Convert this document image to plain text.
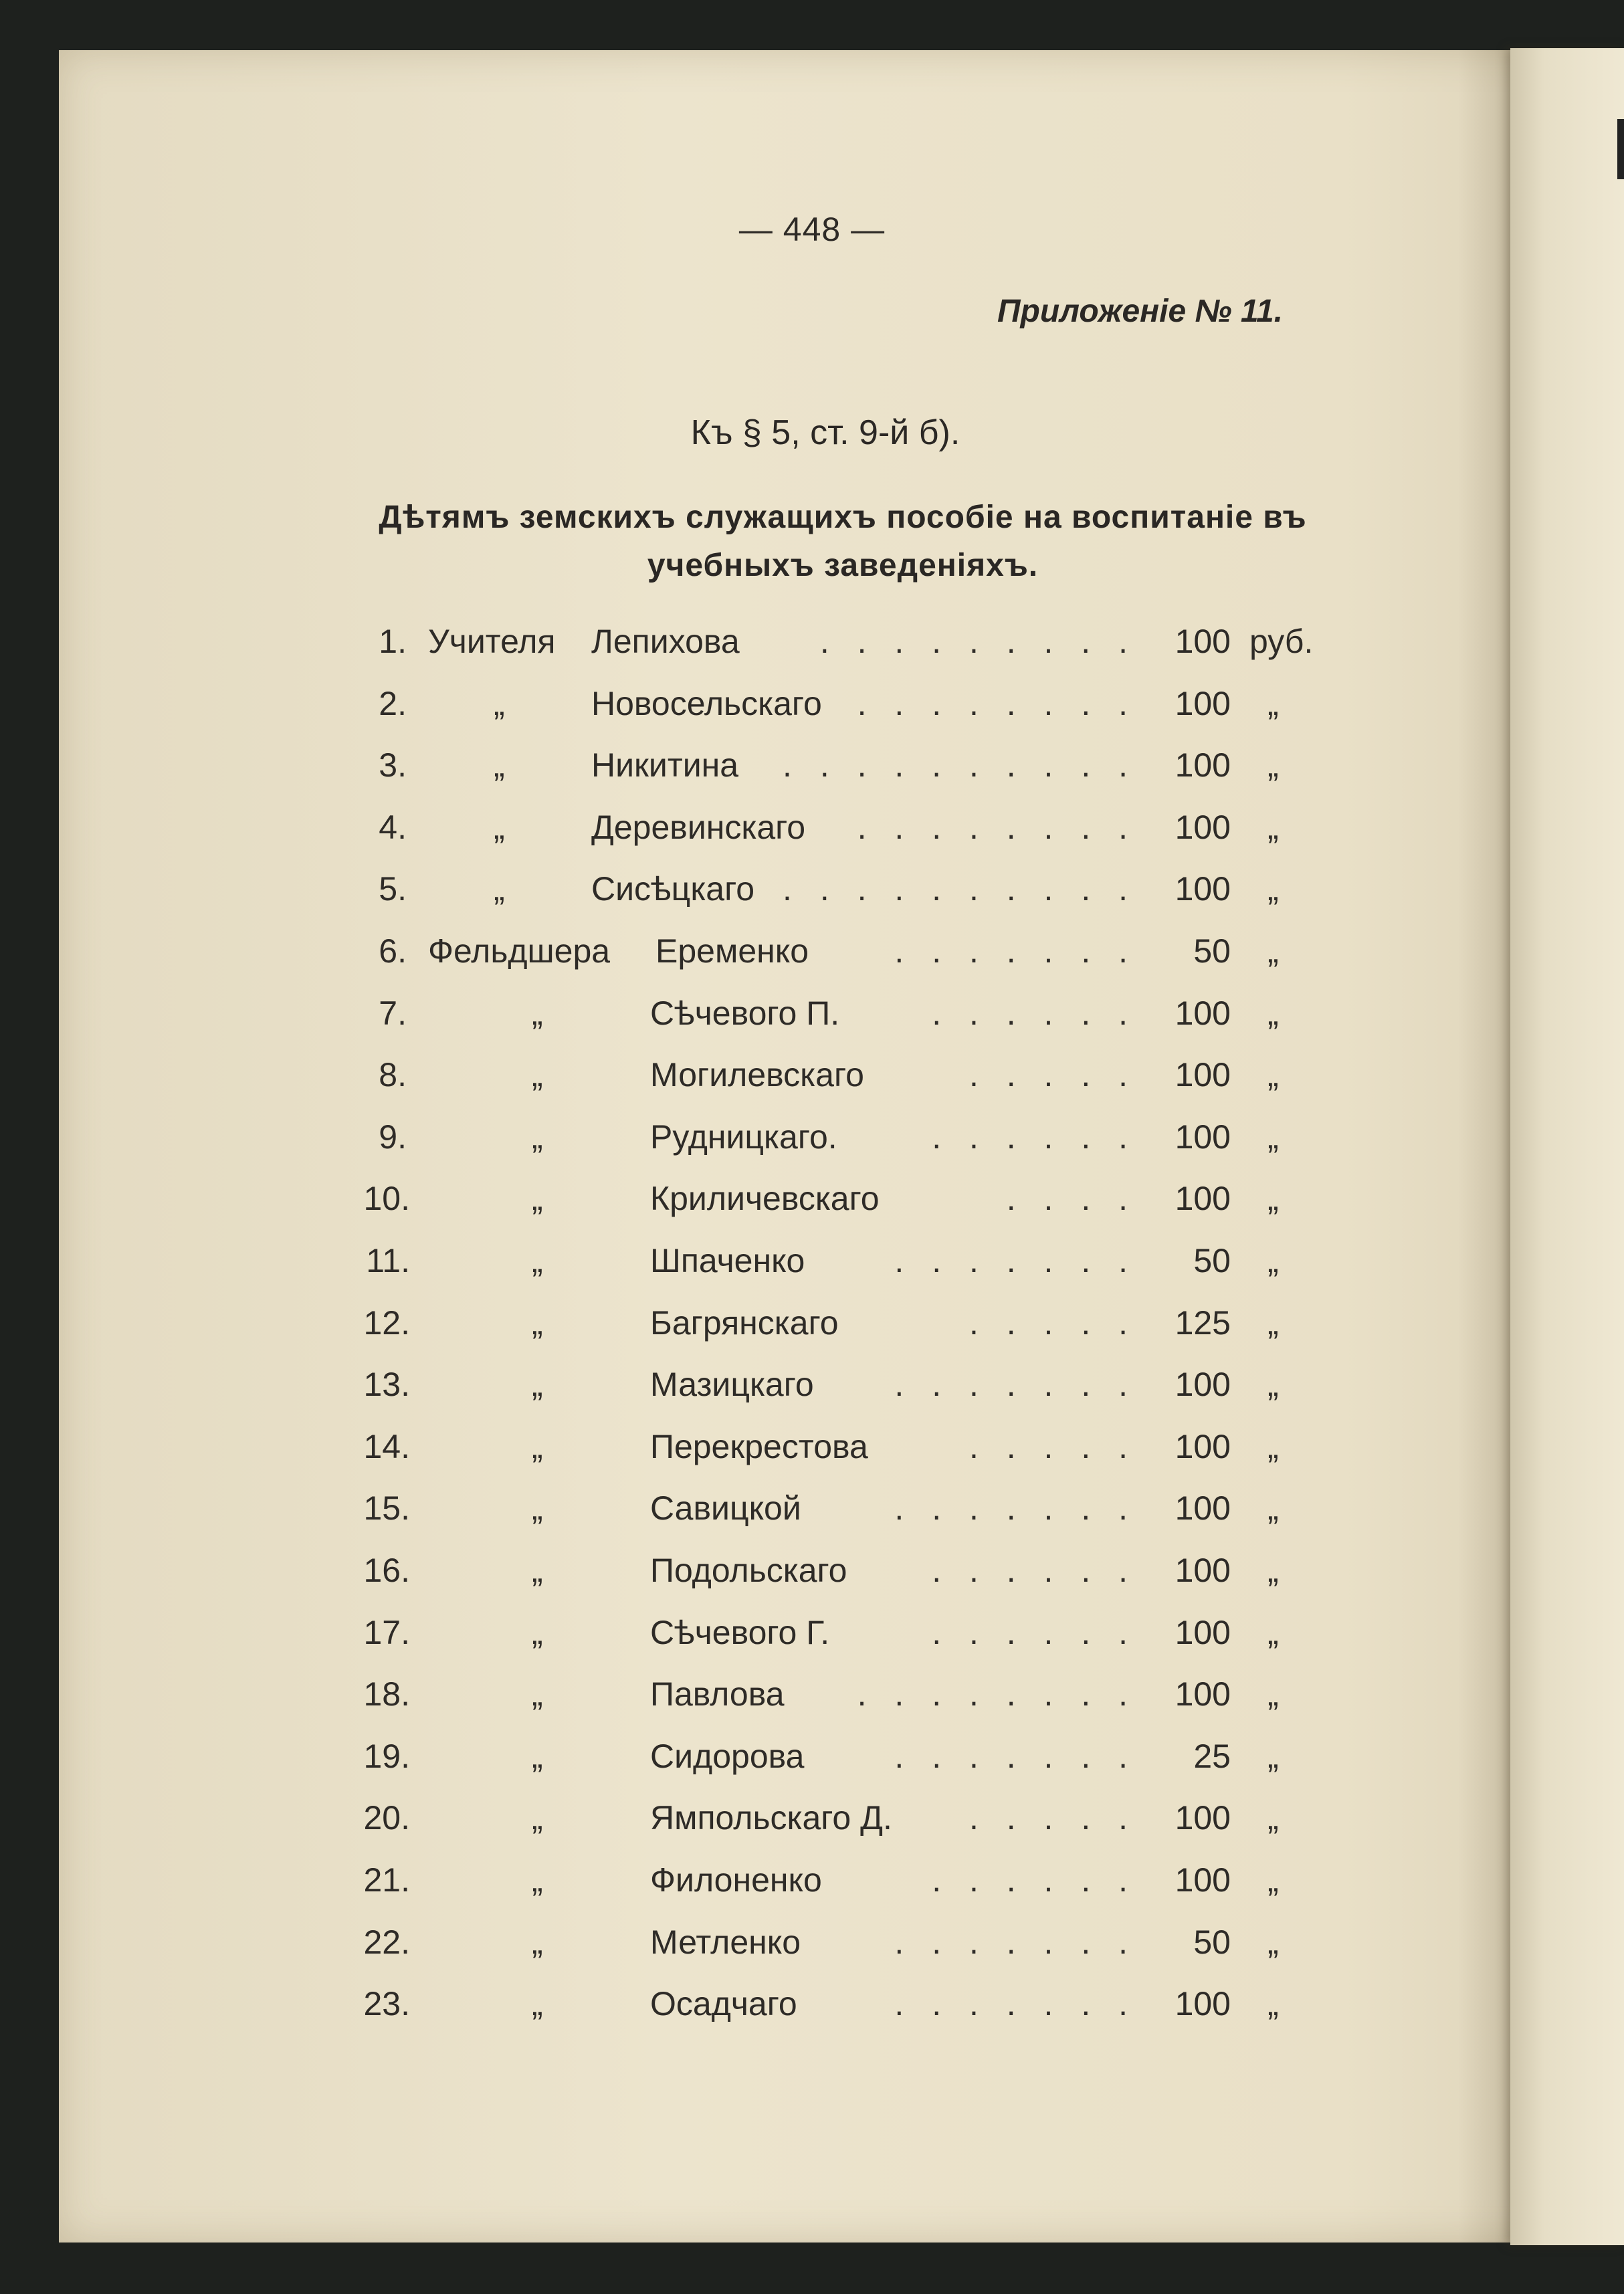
— 448 —
Приложеніе № 11.
Къ § 5, ст. 9-й б).
Дѣтямъ земскихъ служащихъ пособіе на воспитаніе въ
учебныхъ заведеніяхъ.
1. Учителя Лепихова	. . . . . . . . .	100 руб.
2.	„	Новосельскаго	. . . . . . . .	100 „
3.	„	Никитина	. . . . . . . . . .	100 „
4.	„	Деревинскаго	. . . . . . . .	100 „
5.	„	Сисѣцкаго . . . . . . . . . .	100 „
6. Фельдшера Еременко	. . . . . . .	50 „
7.	„	Сѣчевого П.	. . . . . .	100 „
8.	„	Могилевскаго	. . . . .	100 „
9.	„	Рудницкаго.	. . . . . .	100 „
10.	„	Криличевскаго	. . . .	100 „
11.	„	Шпаченко	. . . . . . .	50 „
12.	„	Багрянскаго	. . . . .	125 „
13.	„	Мазицкаго	. . . . . . .	100 „
14.	„	Перекрестова	. . . . .	100 „
15.	„	Савицкой	. . . . . . .	100 „
16.	„	Подольскаго	. . . . . .	100 „
17.	„	Сѣчевого Г.	. . . . . .	100 „
18.	„	Павлова	. . . . . . . .	100 „
19.	„	Сидорова	. . . . . . .	25 „
20.	„	Ямпольскаго Д.	. . . . .	100 „
21.	„	Филоненко	. . . . . .	100 „
22.	„	Метленко	. . . . . . .	50 „
23.	„	Осадчаго	. . . . . . .	100 „
